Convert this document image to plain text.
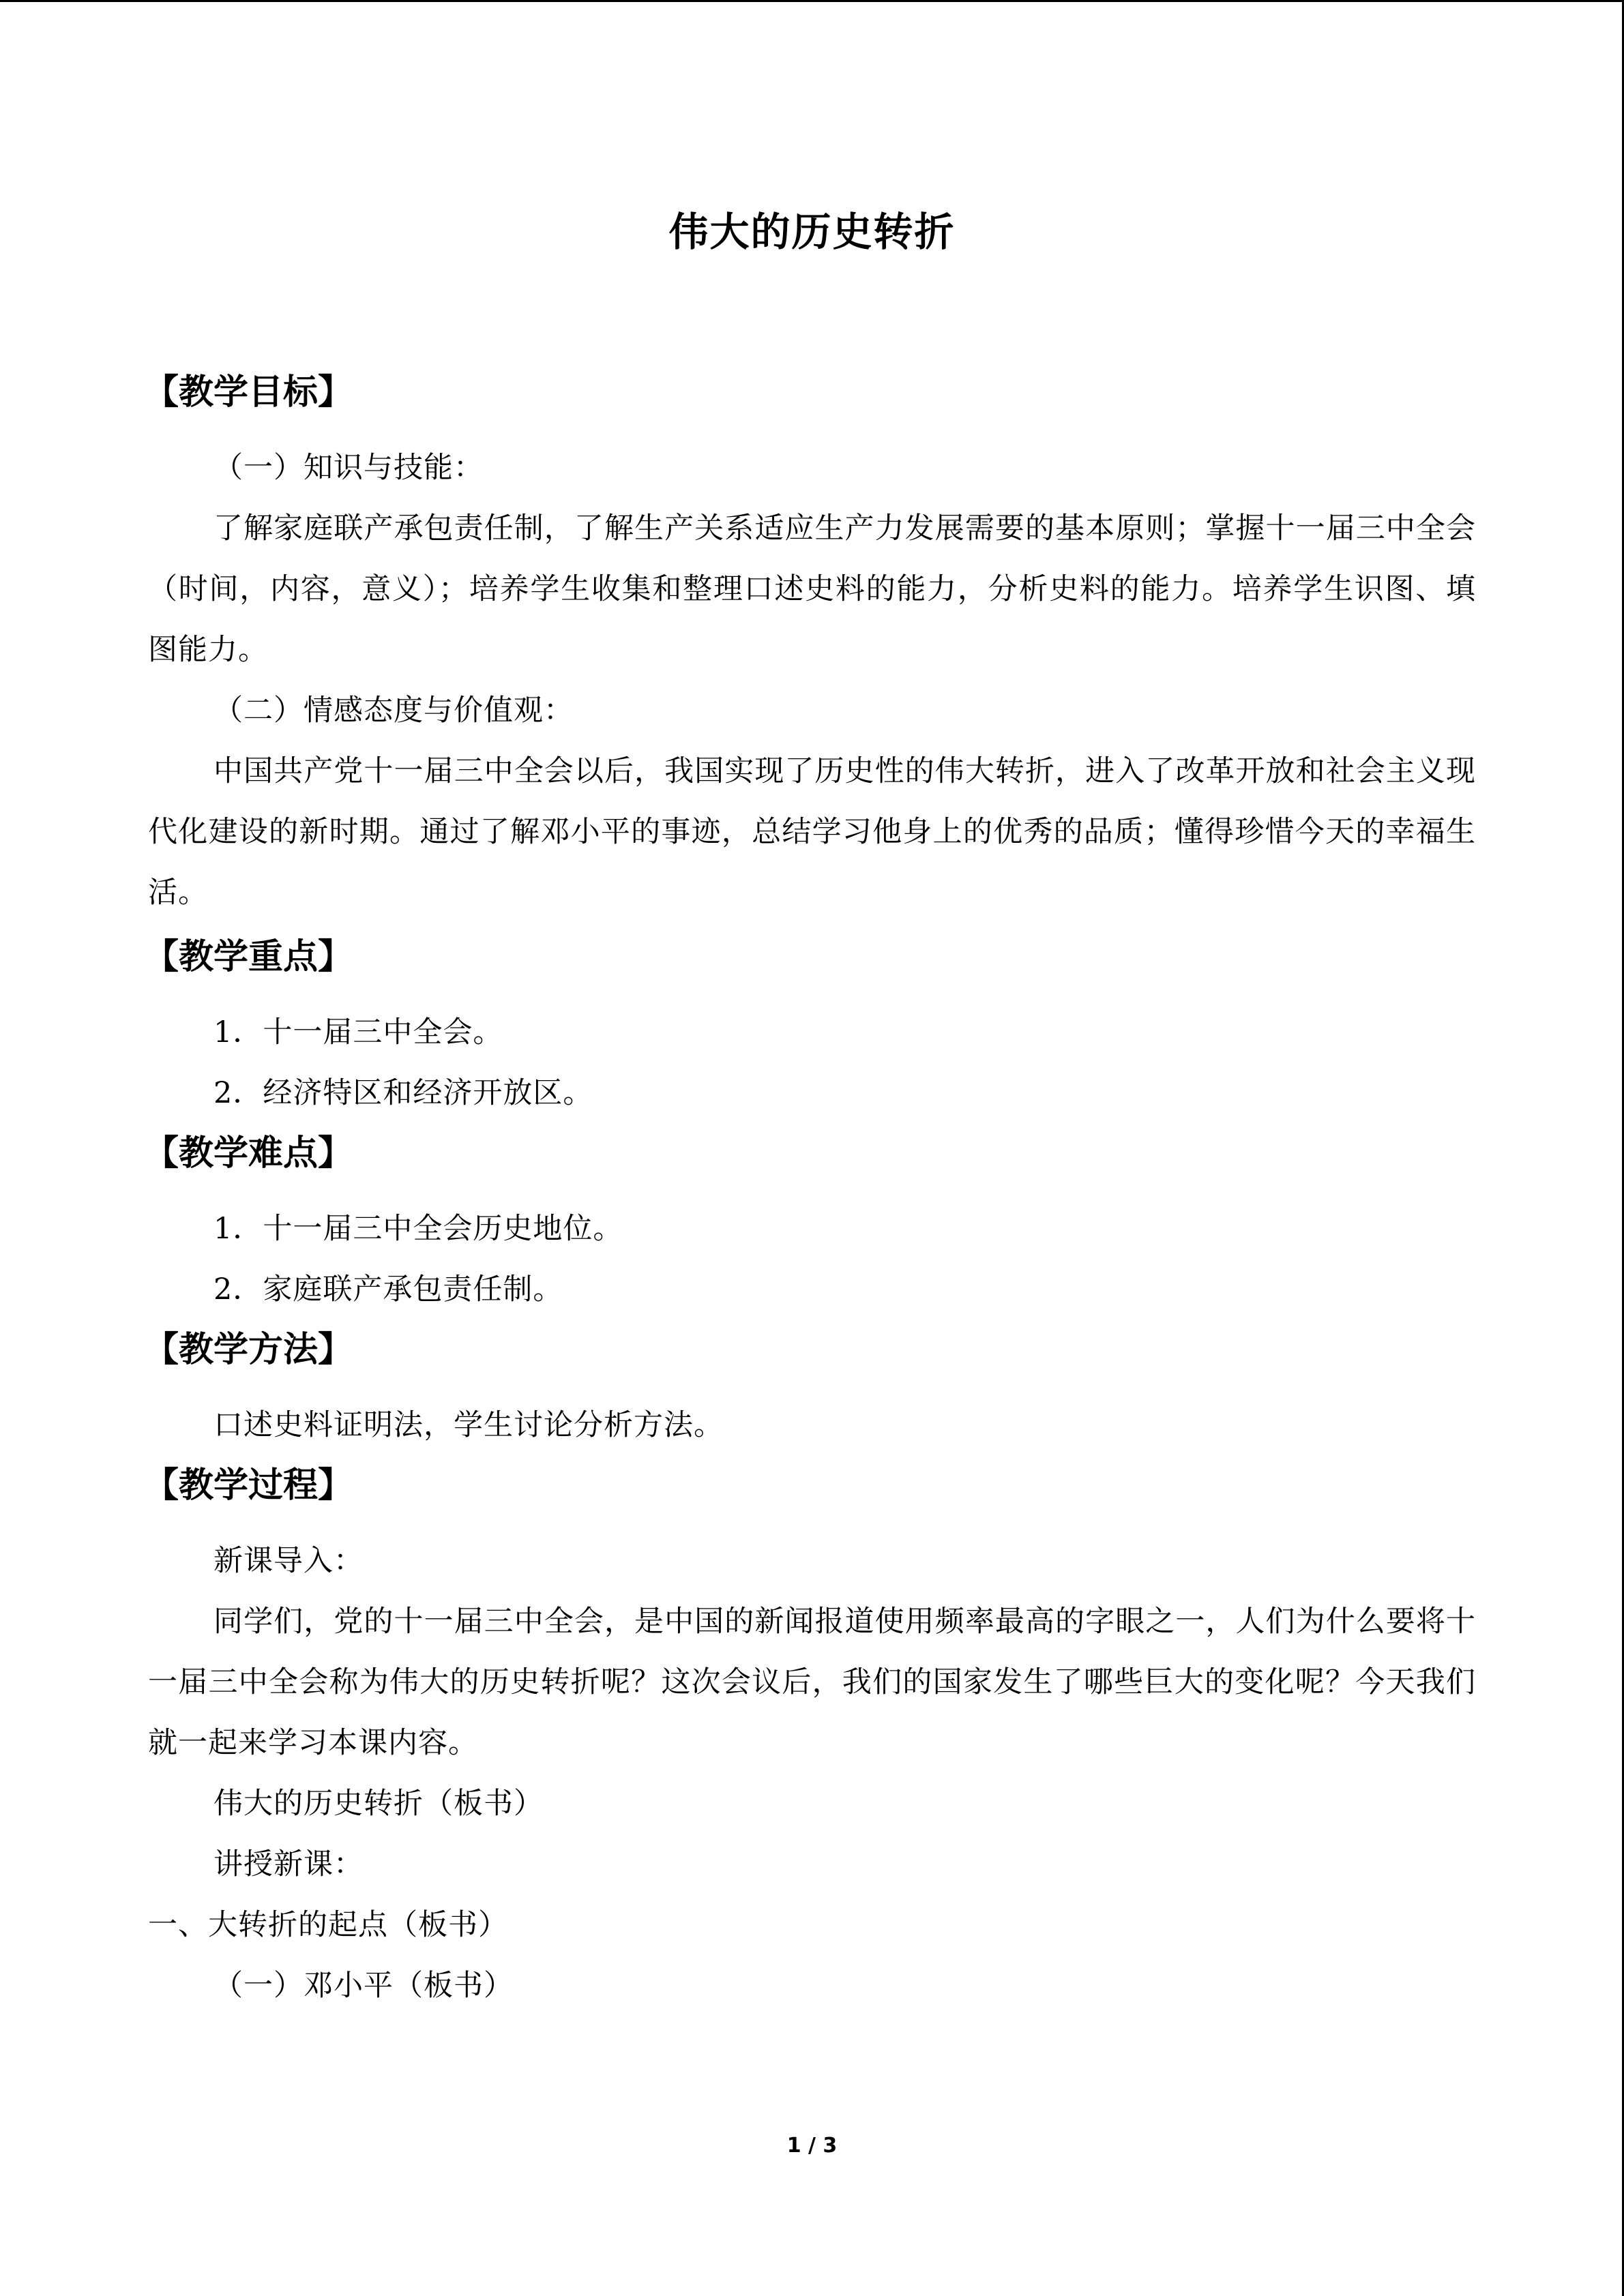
伟大的历史转折
【教学目标】

（一）知识与技能：

了解家庭联产承包责任制，了解生产关系适应生产力发展需要的基本原则；掌握十一届三中全会（时间，内容，意义）；培养学生收集和整理口述史料的能力，分析史料的能力。培养学生识图、填图能力。

（二）情感态度与价值观：

中国共产党十一届三中全会以后，我国实现了历史性的伟大转折，进入了改革开放和社会主义现代化建设的新时期。通过了解邓小平的事迹，总结学习他身上的优秀的品质；懂得珍惜今天的幸福生活。

【教学重点】

1．十一届三中全会。

2．经济特区和经济开放区。

【教学难点】

1．十一届三中全会历史地位。

2．家庭联产承包责任制。

【教学方法】

口述史料证明法，学生讨论分析方法。

【教学过程】

新课导入：

同学们，党的十一届三中全会，是中国的新闻报道使用频率最高的字眼之一，人们为什么要将十一届三中全会称为伟大的历史转折呢？这次会议后，我们的国家发生了哪些巨大的变化呢？今天我们就一起来学习本课内容。

伟大的历史转折（板书）

讲授新课：

一、大转折的起点（板书）

（一）邓小平（板书）

1 / 3
